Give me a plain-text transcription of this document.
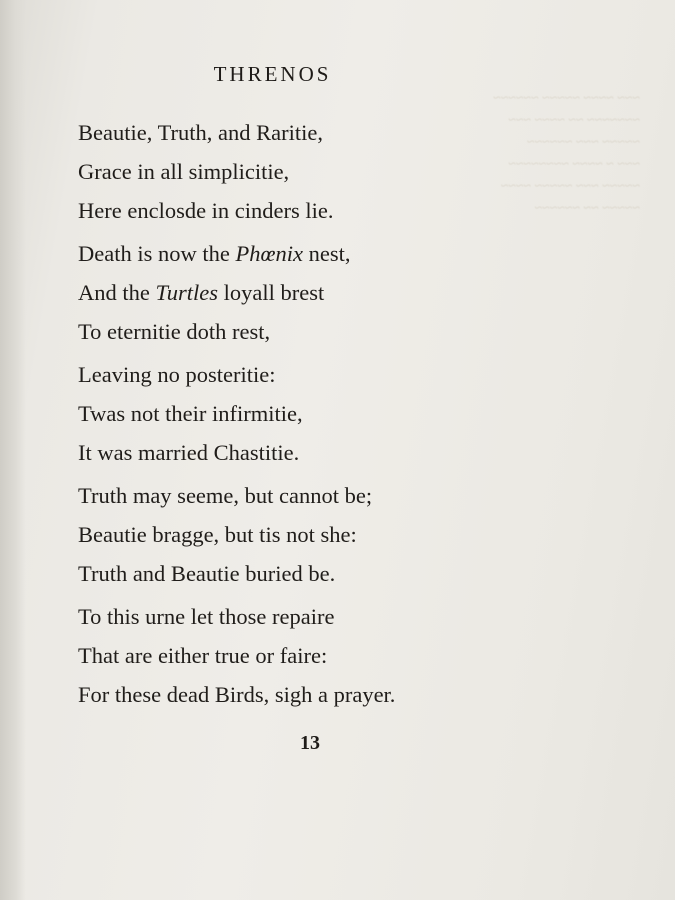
~~~ ~~~~ ~~~~~ ~~~~~~
~~~~~~~ ~~ ~~~~ ~~~
~~~~~ ~~~ ~~~~~~
~~~ ~ ~~~~ ~~~~~~~~
~~~~~ ~~~ ~~~~~ ~~~~
~~~~~ ~~ ~~~~~~
THRENOS
Beautie, Truth, and Raritie,
Grace in all simplicitie,
Here enclosde in cinders lie.
Death is now the Phœnix nest,
And the Turtles loyall brest
To eternitie doth rest,
Leaving no posteritie:
Twas not their infirmitie,
It was married Chastitie.
Truth may seeme, but cannot be;
Beautie bragge, but tis not she:
Truth and Beautie buried be.
To this urne let those repaire
That are either true or faire:
For these dead Birds, sigh a prayer.
13
